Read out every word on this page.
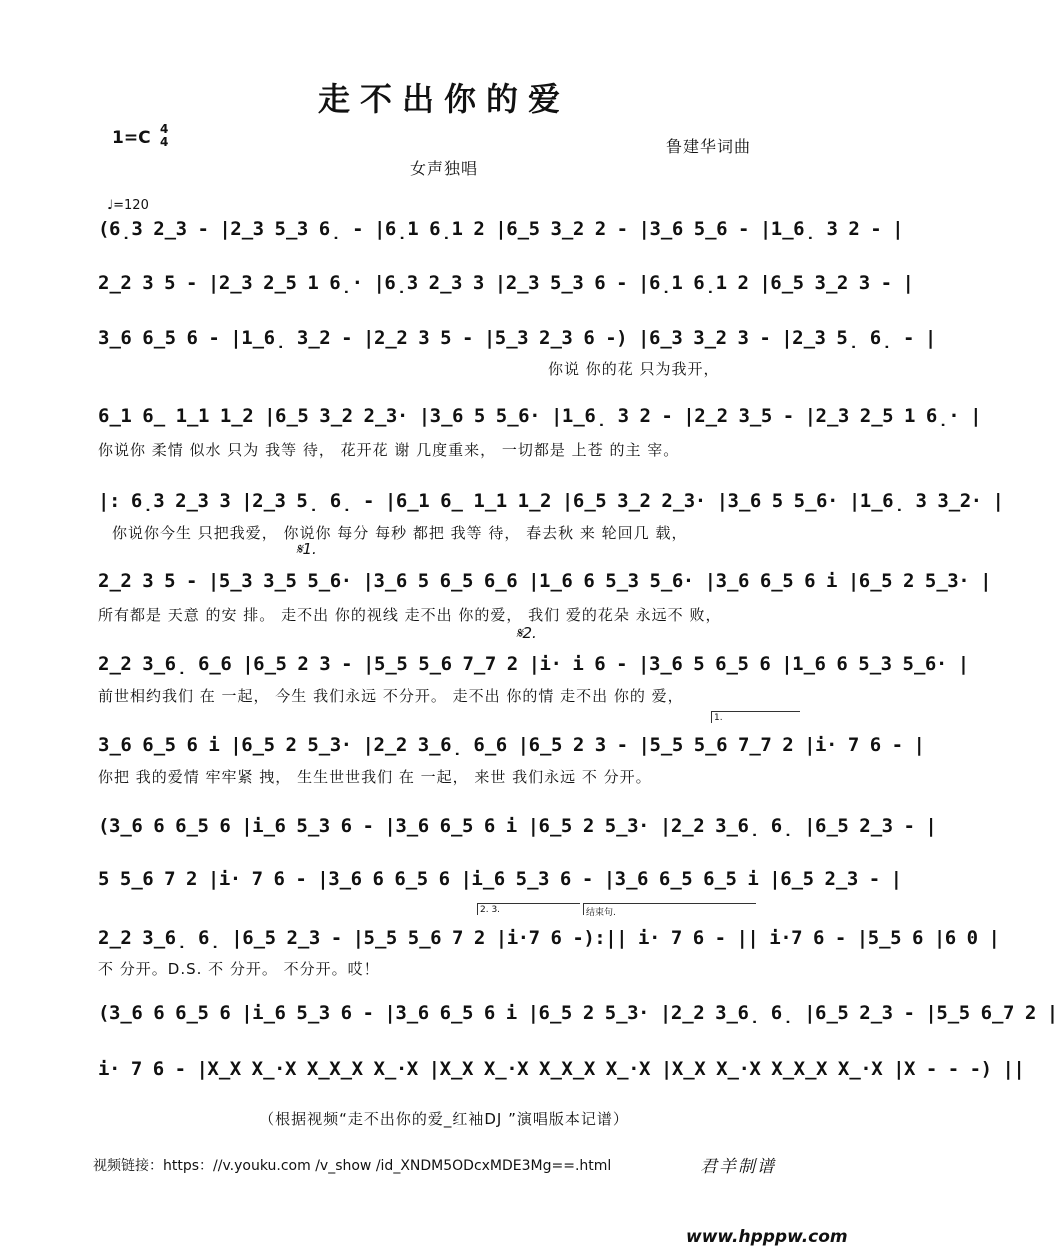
走不出你的爱
1=C 4
4	鲁建华词曲
女声独唱
♩=120
(6̣3 2̲3 - |2̲3 5̲3 6̣ - |6̣1 6̣1 2 |6̲5 3̲2 2 - |3̲6 5̲6 - |1̲6̣ 3 2 - |
2̲2 3 5 - |2̲3 2̲5 1 6̣· |6̣3 2̲3 3 |2̲3 5̲3 6 - |6̣1 6̣1 2 |6̲5 3̲2 3 - |
3̲6 6̲5 6 - |1̲6̣ 3̲2 - |2̲2 3 5 - |5̲3 2̲3 6 -) |6̲3 3̲2 3 - |2̲3 5̣ 6̣ - |
你说 你的花 只为我开，
6̲1 6̲ 1̲1 1̲2 |6̲5 3̲2 2̲3· |3̲6 5 5̲6· |1̲6̣ 3 2 - |2̲2 3̲5 - |2̲3 2̲5 1 6̣· |
你说你 柔情 似水 只为 我等 待， 花开花 谢 几度重来， 一切都是 上苍 的主 宰。
|: 6̣3 2̲3 3 |2̲3 5̣ 6̣ - |6̲1 6̲ 1̲1 1̲2 |6̲5 3̲2 2̲3· |3̲6 5 5̲6· |1̲6̣ 3 3̲2· |
你说你今生 只把我爱， 你说你 每分 每秒 都把 我等 待， 春去秋 来 轮回几 载，
𝄋1.
2̲2 3 5 - |5̲3 3̲5 5̲6· |3̲6 5 6̲5 6̲6 |1̲6 6 5̲3 5̲6· |3̲6 6̲5 6 i |6̲5 2 5̲3· |
所有都是 天意 的安 排。 走不出 你的视线 走不出 你的爱， 我们 爱的花朵 永远不 败，
𝄋2.
2̲2 3̲6̣ 6̲6 |6̲5 2 3 - |5̲5 5̲6 7̲7 2 |i· i 6 - |3̲6 5 6̲5 6 |1̲6 6 5̲3 5̲6· |
前世相约我们 在 一起， 今生 我们永远 不分开。 走不出 你的情 走不出 你的 爱，
1.
3̲6 6̲5 6 i |6̲5 2 5̲3· |2̲2 3̲6̣ 6̲6 |6̲5 2 3 - |5̲5 5̲6 7̲7 2 |i· 7 6 - |
你把 我的爱情 牢牢紧 拽， 生生世世我们 在 一起， 来世 我们永远 不 分开。
(3̲6 6 6̲5 6 |i̲6 5̲3 6 - |3̲6 6̲5 6 i |6̲5 2 5̲3· |2̲2 3̲6̣ 6̣ |6̲5 2̲3 - |
5 5̲6 7 2 |i· 7 6 - |3̲6 6 6̲5 6 |i̲6 5̲3 6 - |3̲6 6̲5 6̲5 i |6̲5 2̲3 - |
2. 3.	结束句.
2̲2 3̲6̣ 6̣ |6̲5 2̲3 - |5̲5 5̲6 7 2 |i·7 6 -):|| i· 7 6 - || i·7 6 - |5̲5 6 |6 0 |
不 分开。D.S. 不 分开。 不分开。哎！
(3̲6 6 6̲5 6 |i̲6 5̲3 6 - |3̲6 6̲5 6 i |6̲5 2 5̲3· |2̲2 3̲6̣ 6̣ |6̲5 2̲3 - |5̲5 6̲7 2 |
i· 7 6 - |X̲X X̲·X X̲X̲X X̲·X |X̲X X̲·X X̲X̲X X̲·X |X̲X X̲·X X̲X̲X X̲·X |X - - -) ||
（根据视频“走不出你的爱_红袖DJ ”演唱版本记谱）
视频链接：https：//v.youku.com /v_show /id_XNDM5ODcxMDE3Mg==.html	君羊制谱
www.hpppw.com
